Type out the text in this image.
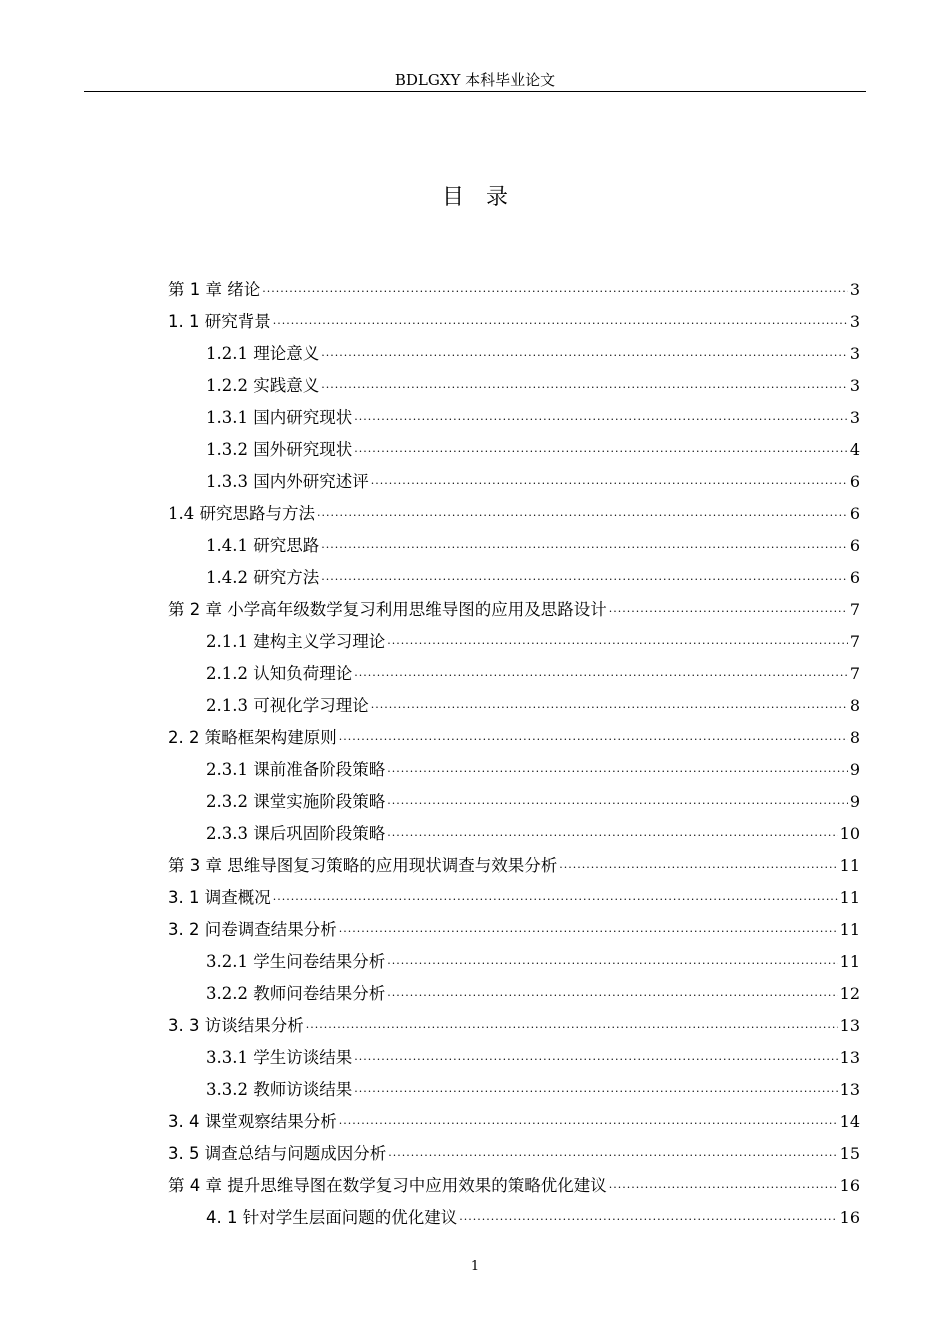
BDLGXY 本科毕业论文
目录
第 1 章 绪论 ·····	3
1. 1 研究背景 ·····	3
1.2.1 理论意义 ·····	3
1.2.2 实践意义 ·····	3
1.3.1 国内研究现状 ·····	3
1.3.2 国外研究现状 ·····	4
1.3.3 国内外研究述评 ·····	6
1.4 研究思路与方法 ·····	6
1.4.1 研究思路 ·····	6
1.4.2 研究方法 ·····	6
第 2 章 小学高年级数学复习利用思维导图的应用及思路设计 ·····	7
2.1.1 建构主义学习理论 ·····	7
2.1.2 认知负荷理论 ·····	7
2.1.3 可视化学习理论 ·····	8
2. 2 策略框架构建原则 ·····	8
2.3.1 课前准备阶段策略 ·····	9
2.3.2 课堂实施阶段策略 ·····	9
2.3.3 课后巩固阶段策略 ·····	10
第 3 章 思维导图复习策略的应用现状调查与效果分析 ·····	11
3. 1 调查概况 ·····	11
3. 2 问卷调查结果分析 ·····	11
3.2.1 学生问卷结果分析 ·····	11
3.2.2 教师问卷结果分析 ·····	12
3. 3 访谈结果分析 ·····	13
3.3.1 学生访谈结果 ·····	13
3.3.2 教师访谈结果 ·····	13
3. 4 课堂观察结果分析 ·····	14
3. 5 调查总结与问题成因分析 ·····	15
第 4 章 提升思维导图在数学复习中应用效果的策略优化建议 ·····	16
4. 1 针对学生层面问题的优化建议 ·····	16
1
